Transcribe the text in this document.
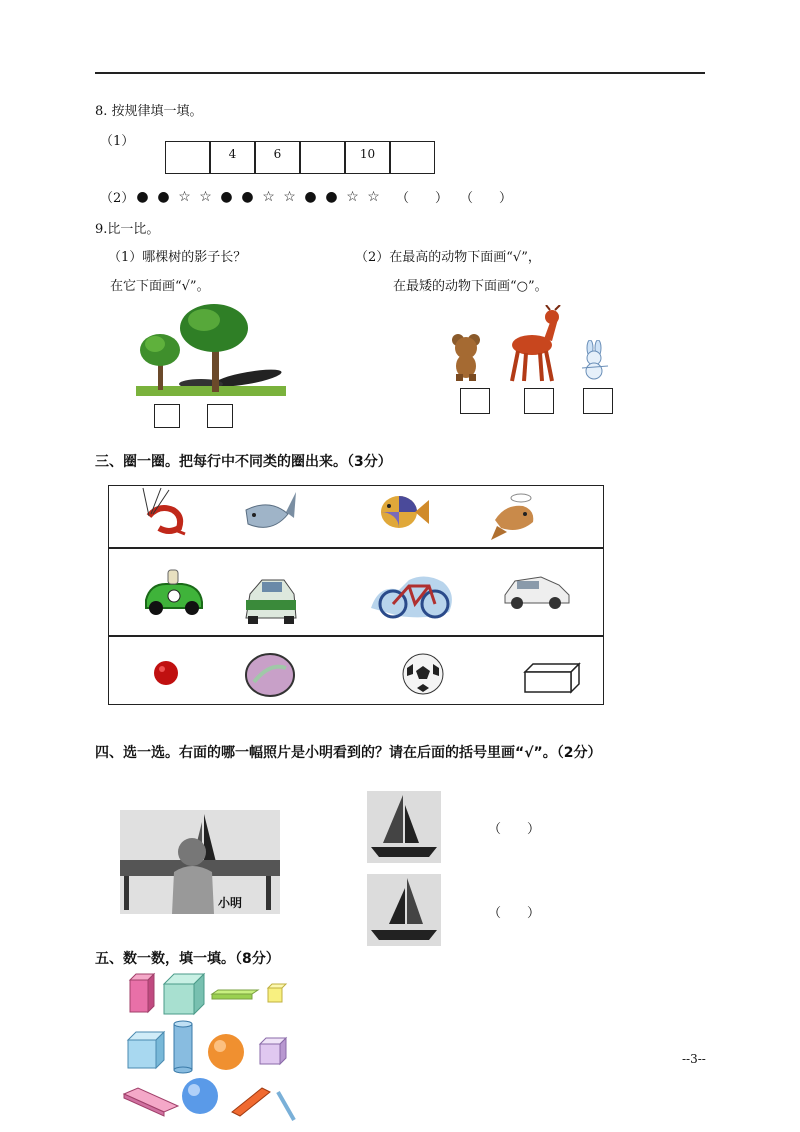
8. 按规律填一填。
（1）
4	6	10
（2） ● ● ☆ ☆ ● ● ☆ ☆ ● ● ☆ ☆	（　　） （　　）
9.比一比。
（1）哪棵树的影子长？
在它下面画“√”。
（2）在最高的动物下面画“√”，
在最矮的动物下面画“○”。
三、圈一圈。把每行中不同类的圈出来。（3分）
四、选一选。右面的哪一幅照片是小明看到的？请在后面的括号里画“√”。（2分）
小明
（　　）
（　　）
五、数一数，填一填。（8分）
--3--
